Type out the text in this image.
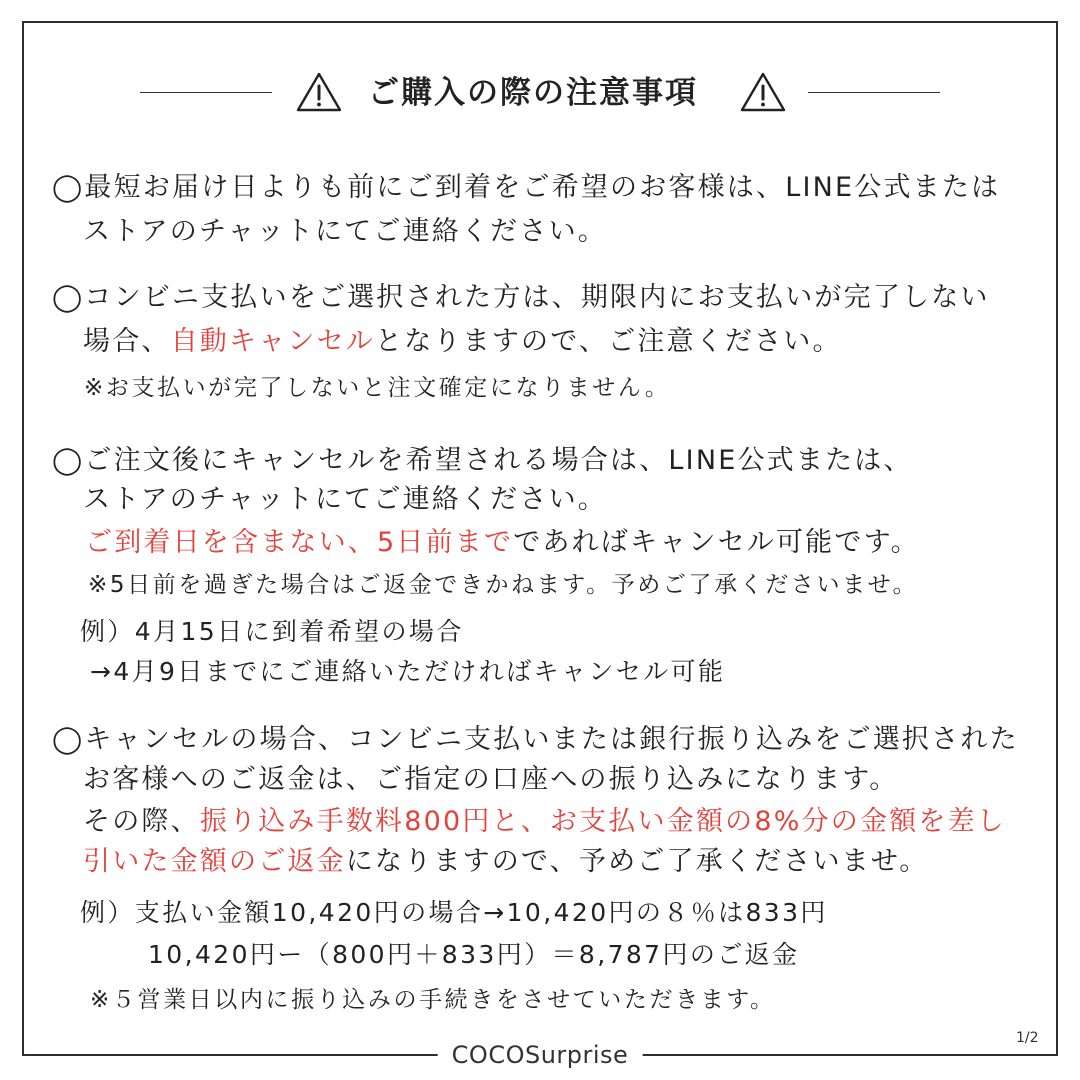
ご購入の際の注意事項
◯最短お届け日よりも前にご到着をご希望のお客様は、LINE公式または
ストアのチャットにてご連絡ください。
◯コンビニ支払いをご選択された方は、期限内にお支払いが完了しない
場合、自動キャンセルとなりますので、ご注意ください。
※お支払いが完了しないと注文確定になりません。
◯ご注文後にキャンセルを希望される場合は、LINE公式または、
ストアのチャットにてご連絡ください。
ご到着日を含まない、5日前までであればキャンセル可能です。
※5日前を過ぎた場合はご返金できかねます。予めご了承くださいませ。
例）4月15日に到着希望の場合
→4月9日までにご連絡いただければキャンセル可能
◯キャンセルの場合、コンビニ支払いまたは銀行振り込みをご選択された
お客様へのご返金は、ご指定の口座への振り込みになります。
その際、振り込み手数料800円と、お支払い金額の8%分の金額を差し
引いた金額のご返金になりますので、予めご了承くださいませ。
例）支払い金額10,420円の場合→10,420円の８％は833円
10,420円ー（800円＋833円）＝8,787円のご返金
※５営業日以内に振り込みの手続きをさせていただきます。
1/2
COCOSurprise
